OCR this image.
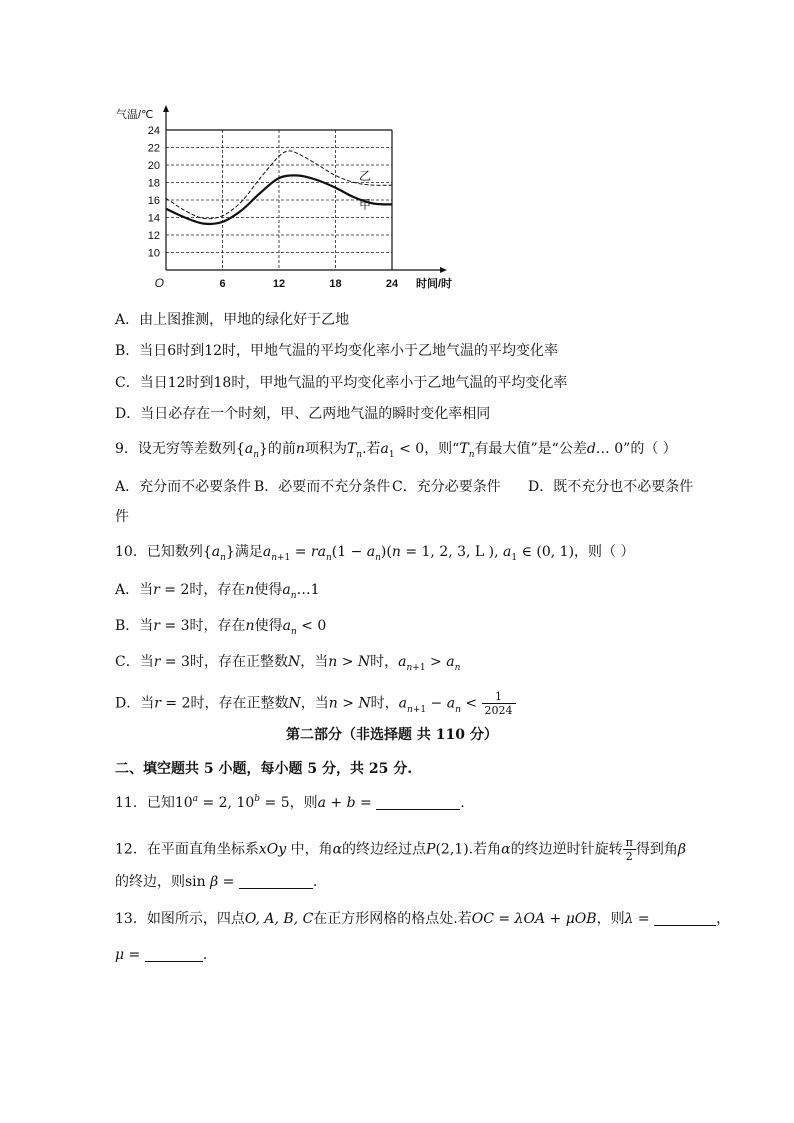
10
12
14
16
18
20
22
24
6	12	18	24
O
气温/℃
时间/时
甲
乙
A．由上图推测，甲地的绿化好于乙地
B．当日6时到12时，甲地气温的平均变化率小于乙地气温的平均变化率
C．当日12时到18时，甲地气温的平均变化率小于乙地气温的平均变化率
D．当日必存在一个时刻，甲、乙两地气温的瞬时变化率相同
9．设无穷等差数列$\{a_n\}$的前n项积为$T_n$.若$a_1 < 0$，则“$T_n$有最大值”是“公差d… 0”的（ ）
A．充分而不必要条件 B．必要而不充分条件 C．充分必要条件 D．既不充分也不必要条件
件
10．已知数列$\{a_n\}$满足$a_{n+1} = ra_n(1 - a_n)(n = 1$, 2, 3, L ), $a_1$ ∈ (0, 1)，则（ ）
A．当r = 2时，存在n使得$a_n\dots 1$
B．当r = 3时，存在n使得$a_n < 0$
C．当r = 3时，存在正整数N，当n > N时，$a_{n+1} > a_n$
D．当r = 2时，存在正整数N，当n > N时，$a_{n+1} - a_n < \frac{1}{2024}$
第二部分（非选择题 共 110 分）
二、填空题共 5 小题，每小题 5 分，共 25 分.
11．已知$10^a = 2$, $10^b = 5$，则a + b =	.
12．在平面直角坐标系xOy 中，角α的终边经过点P(2,1).若角α的终边逆时针旋转 $\frac{\pi}{2}$ 得到角β
的终边，则sin β =	.
13．如图所示，四点O, A, B, C在正方形网格的格点处.若OC = λOA + μOB，则λ =	，
μ =	.
